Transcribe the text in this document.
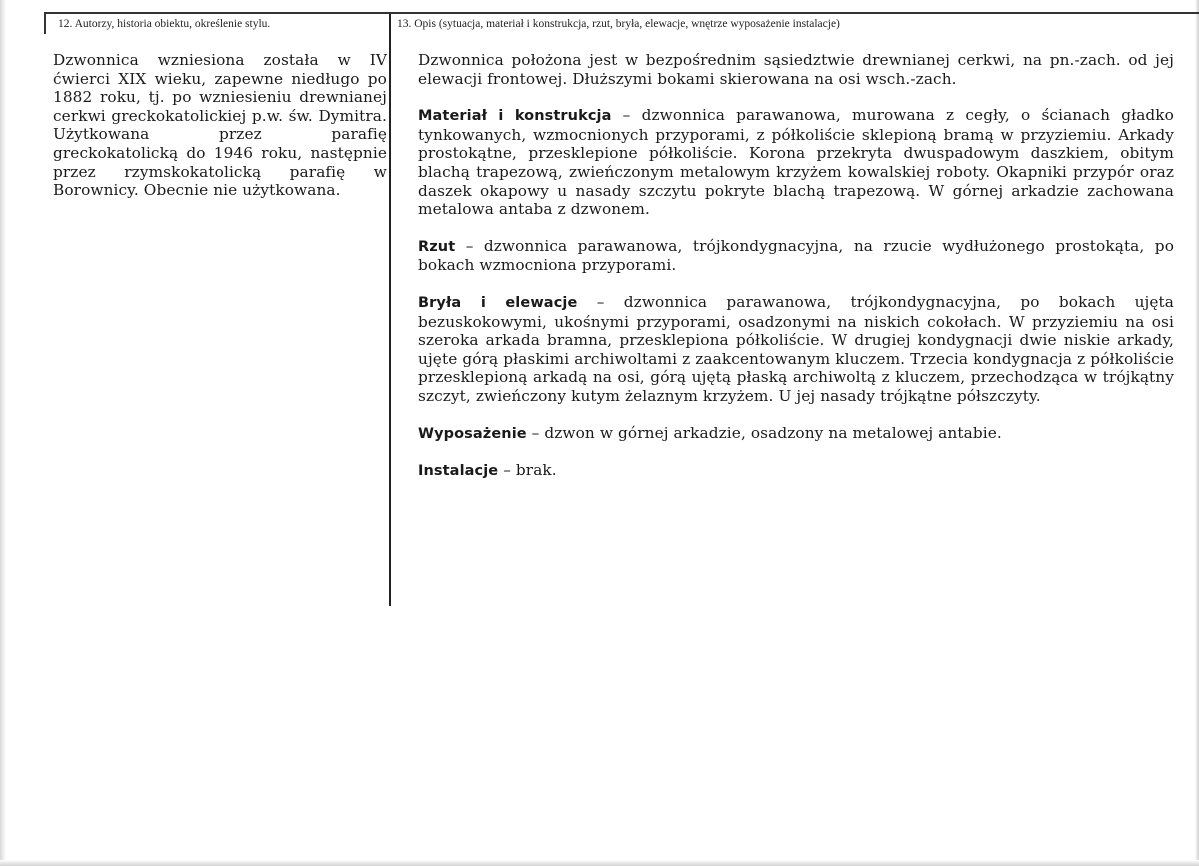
12. Autorzy, historia obiektu, określenie stylu.	13. Opis (sytuacja, materiał i konstrukcja, rzut, bryła, elewacje, wnętrze wyposażenie instalacje)

Dzwonnica wzniesiona została w IV ćwierci XIX wieku, zapewne niedługo po 1882 roku, tj. po wzniesieniu drewnianej cerkwi greckokatolickiej p.w. św. Dymitra. Użytkowana przez parafię greckokatolicką do 1946 roku, następnie przez rzymskokatolicką parafię w Borownicy. Obecnie nie użytkowana.

Dzwonnica położona jest w bezpośrednim sąsiedztwie drewnianej cerkwi, na pn.-zach. od jej elewacji frontowej. Dłuższymi bokami skierowana na osi wsch.-zach.

Materiał i konstrukcja – dzwonnica parawanowa, murowana z cegły, o ścianach gładko tynkowanych, wzmocnionych przyporami, z półkoliście sklepioną bramą w przyziemiu. Arkady prostokątne, przesklepione półkoliście. Korona przekryta dwuspadowym daszkiem, obitym blachą trapezową, zwieńczonym metalowym krzyżem kowalskiej roboty. Okapniki przypór oraz daszek okapowy u nasady szczytu pokryte blachą trapezową. W górnej arkadzie zachowana metalowa antaba z dzwonem.

Rzut – dzwonnica parawanowa, trójkondygnacyjna, na rzucie wydłużonego prostokąta, po bokach wzmocniona przyporami.

Bryła i elewacje – dzwonnica parawanowa, trójkondygnacyjna, po bokach ujęta bezuskokowymi, ukośnymi przyporami, osadzonymi na niskich cokołach. W przyziemiu na osi szeroka arkada bramna, przesklepiona półkoliście. W drugiej kondygnacji dwie niskie arkady, ujęte górą płaskimi archiwoltami z zaakcentowanym kluczem. Trzecia kondygnacja z półkoliście przesklepioną arkadą na osi, górą ujętą płaską archiwoltą z kluczem, przechodząca w trójkątny szczyt, zwieńczony kutym żelaznym krzyżem. U jej nasady trójkątne półszczyty.

Wyposażenie – dzwon w górnej arkadzie, osadzony na metalowej antabie.

Instalacje – brak.
